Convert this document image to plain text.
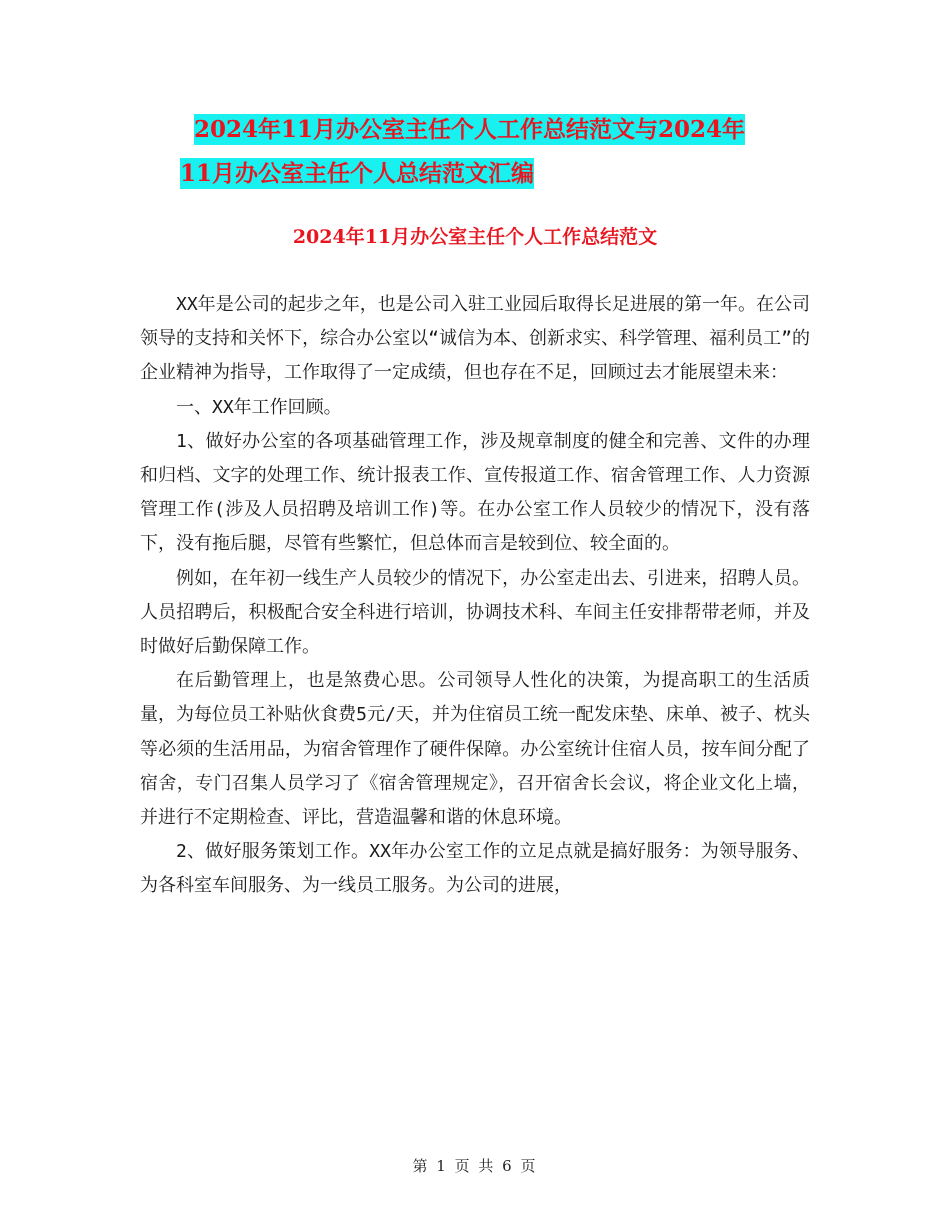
2024年11月办公室主任个人工作总结范文与2024年
11月办公室主任个人总结范文汇编
2024年11月办公室主任个人工作总结范文

XX年是公司的起步之年，也是公司入驻工业园后取得长足进展的第一年。在公司领导的支持和关怀下，综合办公室以“诚信为本、创新求实、科学管理、福利员工”的企业精神为指导，工作取得了一定成绩，但也存在不足，回顾过去才能展望未来：

一、XX年工作回顾。

1、做好办公室的各项基础管理工作，涉及规章制度的健全和完善、文件的办理和归档、文字的处理工作、统计报表工作、宣传报道工作、宿舍管理工作、人力资源管理工作(涉及人员招聘及培训工作)等。在办公室工作人员较少的情况下，没有落下，没有拖后腿，尽管有些繁忙，但总体而言是较到位、较全面的。

例如，在年初一线生产人员较少的情况下，办公室走出去、引进来，招聘人员。人员招聘后，积极配合安全科进行培训，协调技术科、车间主任安排帮带老师，并及时做好后勤保障工作。

在后勤管理上，也是煞费心思。公司领导人性化的决策，为提高职工的生活质量，为每位员工补贴伙食费5元/天，并为住宿员工统一配发床垫、床单、被子、枕头等必须的生活用品，为宿舍管理作了硬件保障。办公室统计住宿人员，按车间分配了宿舍，专门召集人员学习了《宿舍管理规定》，召开宿舍长会议，将企业文化上墙，并进行不定期检查、评比，营造温馨和谐的休息环境。

2、做好服务策划工作。XX年办公室工作的立足点就是搞好服务：为领导服务、为各科室车间服务、为一线员工服务。为公司的进展，

第 1 页 共 6 页
